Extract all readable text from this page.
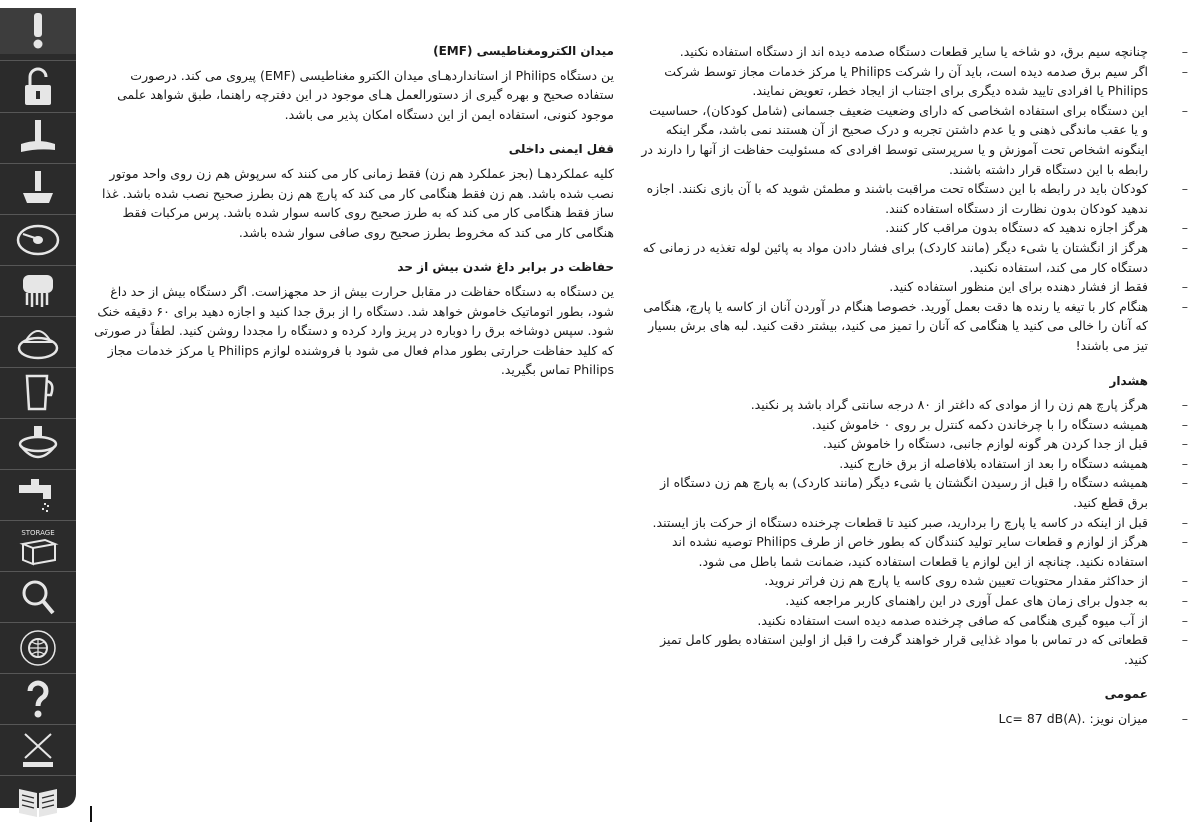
STORAGE

میدان الکترومغناطیسی (EMF)

ین دستگاه Philips از استانداردهـای میدان الکترو مغناطیسی (EMF) پیروی می کند. درصورت ستفاده صحیح و بهره گیری از دستورالعمل هـای موجود در این دفترچه راهنما، طبق شواهد علمی موجود کنونی، استفاده ایمن از این دستگاه امکان پذیر می باشد.

قفل ایمنی داخلی

کلیه عملکردهـا (بجز عملکرد هم زن) فقط زمانی کار می کنند که سرپوش هم زن روی واحد موتور نصب شده باشد. هم زن فقط هنگامی کار می کند که پارچ هم زن بطرز صحیح نصب شده باشد. غذا ساز فقط هنگامی کار می کند که به طرز صحیح روی کاسه سوار شده باشد. پرس مرکبات فقط هنگامی کار می کند که مخروط بطرز صحیح روی صافی سوار شده باشد.

حفاظت در برابر داغ شدن بیش از حد

ین دستگاه به دستگاه حفاظت در مقابل حرارت بیش از حد مجهزاست. اگر دستگاه بیش از حد داغ شود، بطور اتوماتیک خاموش خواهد شد. دستگاه را از برق جدا کنید و اجازه دهید برای ۶۰ دقیقه خنک شود. سپس دوشاخه برق را دوباره در پریز وارد کرده و دستگاه را مجددا روشن کنید. لطفاً در صورتی که کلید حفاظت حرارتی بطور مدام فعال می شود با فروشنده لوازم Philips یا مرکز خدمات مجاز Philips تماس بگیرید.

– چنانچه سیم برق، دو شاخه یا سایر قطعات دستگاه صدمه دیده اند از دستگاه استفاده نکنید.
– اگر سیم برق صدمه دیده است، باید آن را شرکت Philips یا مرکز خدمات مجاز توسط شرکت Philips یا افرادی تایید شده دیگری برای اجتناب از ایجاد خطر، تعویض نمایند.
– این دستگاه برای استفاده اشخاصی که دارای وضعیت ضعیف جسمانی (شامل کودکان)، حساسیت و یا عقب ماندگی ذهنی و یا عدم داشتن تجربه و درک صحیح از آن هستند نمی باشد، مگر اینکه اینگونه اشخاص تحت آموزش و یا سرپرستی توسط افرادی که مسئولیت حفاظت از آنها را دارند در رابطه با این دستگاه قرار داشته باشند.
– کودکان باید در رابطه با این دستگاه تحت مراقبت باشند و مطمئن شوید که با آن بازی نکنند. اجازه ندهید کودکان بدون نظارت از دستگاه استفاده کنند.
– هرگز اجازه ندهید که دستگاه بدون مراقب کار کنند.
– هرگز از انگشتان یا شیء دیگر (مانند کاردک) برای فشار دادن مواد به پائین لوله تغذیه در زمانی که دستگاه کار می کند، استفاده نکنید.
– فقط از فشار دهنده برای این منظور استفاده کنید.
– هنگام کار با تیغه یا رنده ها دقت بعمل آورید. خصوصا هنگام در آوردن آنان از کاسه یا پارچ، هنگامی که آنان را خالی می کنید یا هنگامی که آنان را تمیز می کنید، بیشتر دقت کنید. لبه های برش بسیار تیز می باشند!

هشدار

– هرگز پارچ هم زن را از موادی که داغتر از ۸۰ درجه سانتی گراد باشد پر نکنید.
– همیشه دستگاه را با چرخاندن دکمه کنترل بر روی ۰ خاموش کنید.
– قبل از جدا کردن هر گونه لوازم جانبی، دستگاه را خاموش کنید.
– همیشه دستگاه را بعد از استفاده بلافاصله از برق خارج کنید.
– همیشه دستگاه را قبل از رسیدن انگشتان یا شیء دیگر (مانند کاردک) به پارچ هم زن دستگاه از برق قطع کنید.
– قبل از اینکه در کاسه یا پارچ را بردارید، صبر کنید تا قطعات چرخنده دستگاه از حرکت باز ایستند.
– هرگز از لوازم و قطعات سایر تولید کنندگان که بطور خاص از طرف Philips توصیه نشده اند استفاده نکنید. چنانچه از این لوازم یا قطعات استفاده کنید، ضمانت شما باطل می شود.
– از حداکثر مقدار محتویات تعیین شده روی کاسه یا پارچ هم زن فراتر نروید.
– به جدول برای زمان های عمل آوری در این راهنمای کاربر مراجعه کنید.
– از آب میوه گیری هنگامی که صافی چرخنده صدمه دیده است استفاده نکنید.
– قطعاتی که در تماس با مواد غذایی قرار خواهند گرفت را قبل از اولین استفاده بطور کامل تمیز کنید.

عمومی

– میزان نویز: .Lc= 87 dB(A)
